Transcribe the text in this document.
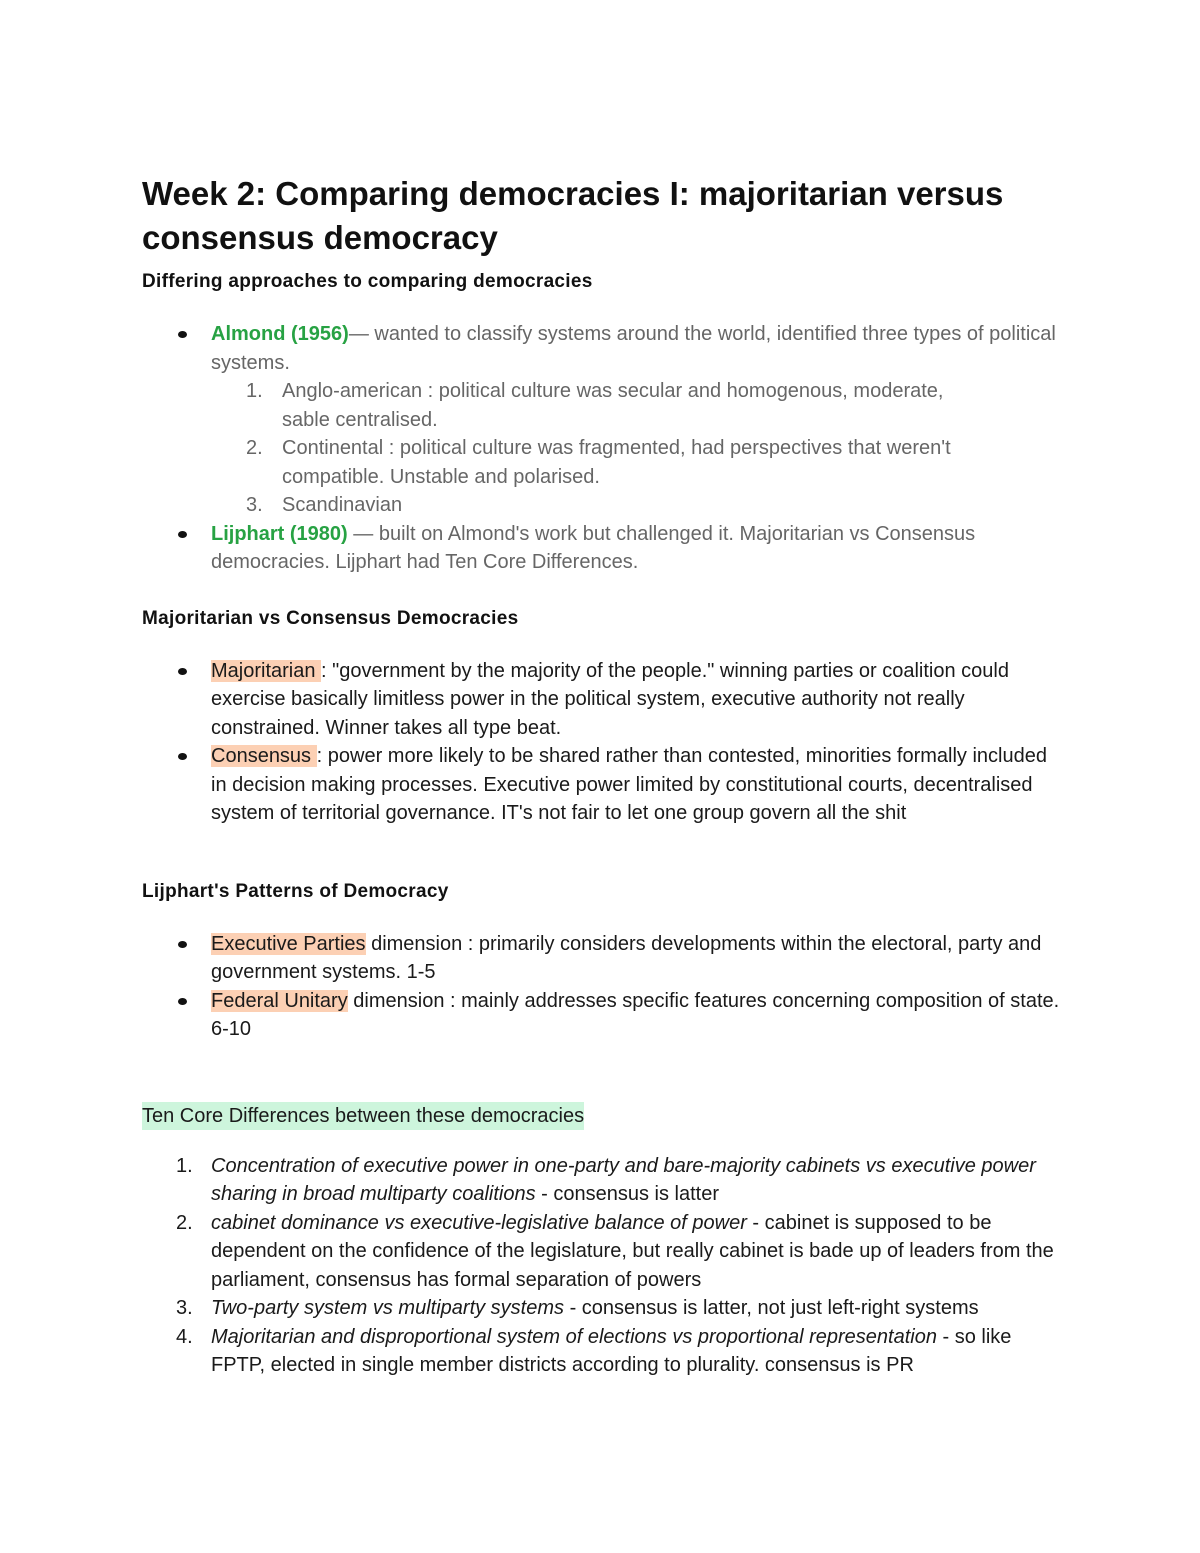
Week 2: Comparing democracies I: majoritarian versus consensus democracy

Differing approaches to comparing democracies

Almond (1956)— wanted to classify systems around the world, identified three types of political systems.
1. Anglo-american : political culture was secular and homogenous, moderate, sable centralised.
2. Continental : political culture was fragmented, had perspectives that weren't compatible. Unstable and polarised.
3. Scandinavian
Lijphart (1980) — built on Almond's work but challenged it. Majoritarian vs Consensus democracies. Lijphart had Ten Core Differences.

Majoritarian vs Consensus Democracies

Majoritarian : "government by the majority of the people." winning parties or coalition could exercise basically limitless power in the political system, executive authority not really constrained. Winner takes all type beat.
Consensus : power more likely to be shared rather than contested, minorities formally included in decision making processes. Executive power limited by constitutional courts, decentralised system of territorial governance. IT's not fair to let one group govern all the shit

Lijphart's Patterns of Democracy

Executive Parties dimension : primarily considers developments within the electoral, party and government systems. 1-5
Federal Unitary dimension : mainly addresses specific features concerning composition of state. 6-10

Ten Core Differences between these democracies

1. Concentration of executive power in one-party and bare-majority cabinets vs executive power sharing in broad multiparty coalitions - consensus is latter
2. cabinet dominance vs executive-legislative balance of power - cabinet is supposed to be dependent on the confidence of the legislature, but really cabinet is bade up of leaders from the parliament, consensus has formal separation of powers
3. Two-party system vs multiparty systems - consensus is latter, not just left-right systems
4. Majoritarian and disproportional system of elections vs proportional representation - so like FPTP, elected in single member districts according to plurality. consensus is PR
